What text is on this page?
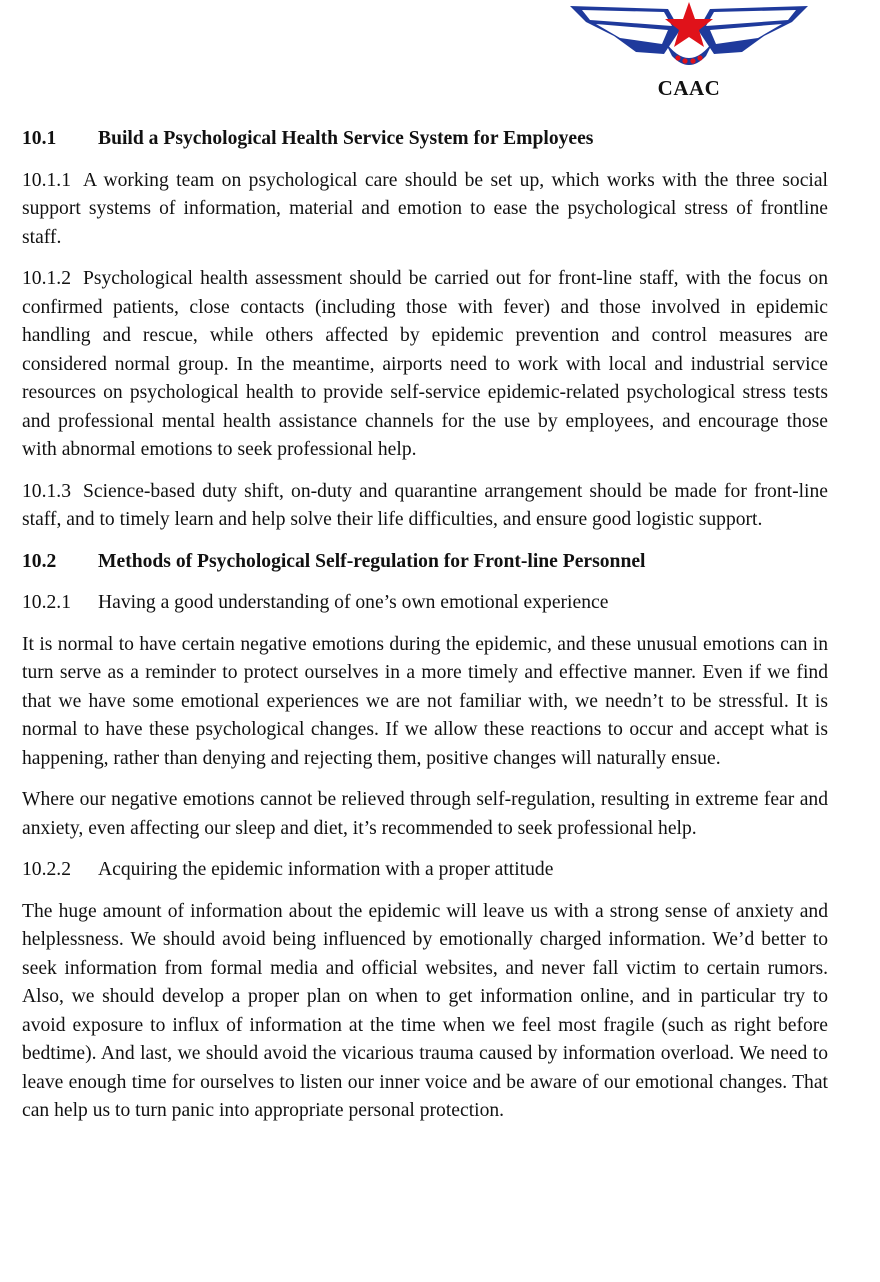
CAAC
10.1 Build a Psychological Health Service System for Employees

10.1.1 A working team on psychological care should be set up, which works with the three social support systems of information, material and emotion to ease the psychological stress of frontline staff.

10.1.2 Psychological health assessment should be carried out for front-line staff, with the focus on confirmed patients, close contacts (including those with fever) and those involved in epidemic handling and rescue, while others affected by epidemic prevention and control measures are considered normal group. In the meantime, airports need to work with local and industrial service resources on psychological health to provide self-service epidemic-related psychological stress tests and professional mental health assistance channels for the use by employees, and encourage those with abnormal emotions to seek professional help.

10.1.3 Science-based duty shift, on-duty and quarantine arrangement should be made for front-line staff, and to timely learn and help solve their life difficulties, and ensure good logistic support.

10.2 Methods of Psychological Self-regulation for Front-line Personnel
10.2.1 Having a good understanding of one’s own emotional experience

It is normal to have certain negative emotions during the epidemic, and these unusual emotions can in turn serve as a reminder to protect ourselves in a more timely and effective manner. Even if we find that we have some emotional experiences we are not familiar with, we needn’t to be stressful. It is normal to have these psychological changes. If we allow these reactions to occur and accept what is happening, rather than denying and rejecting them, positive changes will naturally ensue.

Where our negative emotions cannot be relieved through self-regulation, resulting in extreme fear and anxiety, even affecting our sleep and diet, it’s recommended to seek professional help.

10.2.2 Acquiring the epidemic information with a proper attitude

The huge amount of information about the epidemic will leave us with a strong sense of anxiety and helplessness. We should avoid being influenced by emotionally charged information. We’d better to seek information from formal media and official websites, and never fall victim to certain rumors. Also, we should develop a proper plan on when to get information online, and in particular try to avoid exposure to influx of information at the time when we feel most fragile (such as right before bedtime). And last, we should avoid the vicarious trauma caused by information overload. We need to leave enough time for ourselves to listen our inner voice and be aware of our emotional changes. That can help us to turn panic into appropriate personal protection.
